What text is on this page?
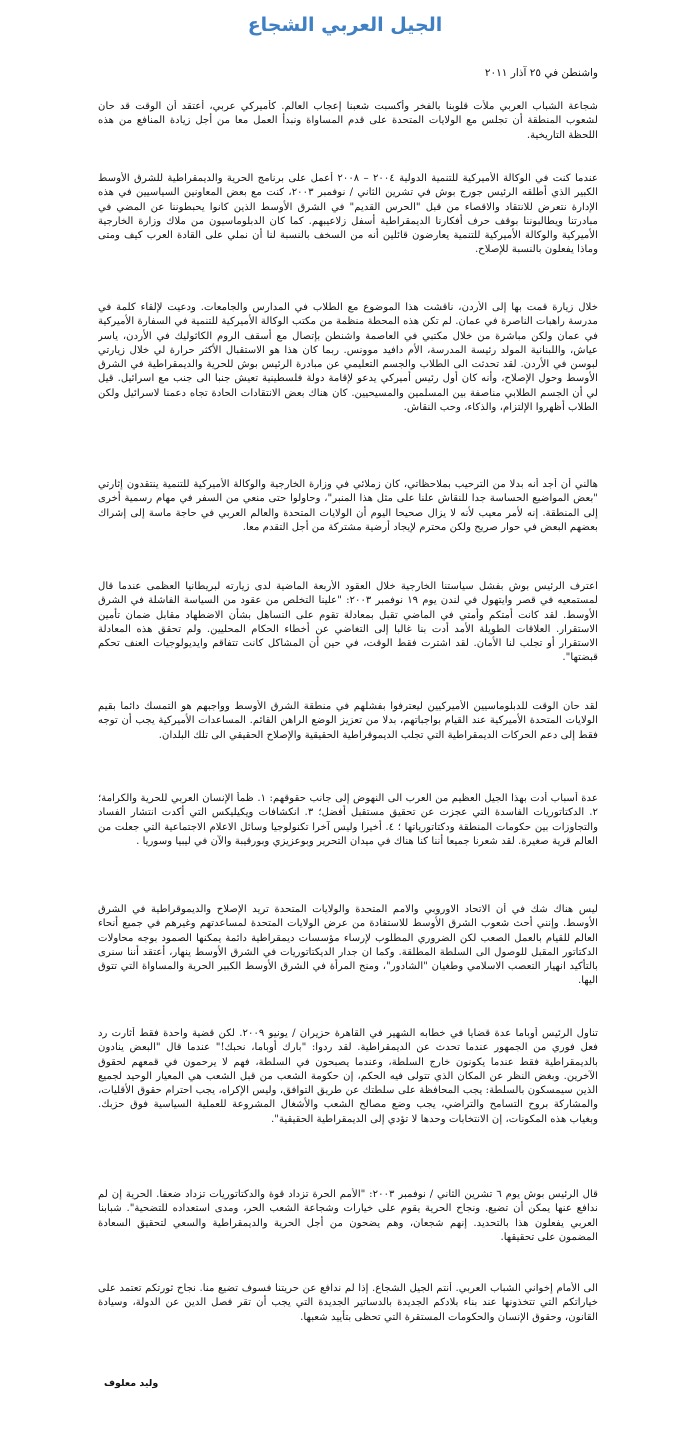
الجيل العربي الشجاع
واشنطن في ٢٥ آذار ٢٠١١

شجاعة الشباب العربي ملأت قلوبنا بالفخر وأكسبت شعبنا إعجاب العالم. كأميركي عربي، أعتقد أن الوقت قد حان لشعوب المنطقة أن تجلس مع الولايات المتحدة على قدم المساواة ونبدأ العمل معا من أجل زيادة المنافع من هذه اللحظة التاريخية.

عندما كنت في الوكالة الأميركية للتنمية الدولية ٢٠٠٤ – ٢٠٠٨ أعمل على برنامج الحرية والديمقراطية للشرق الأوسط الكبير الذي أطلقه الرئيس جورج بوش في تشرين الثاني / نوفمبر ٢٠٠٣، كنت مع بعض المعاونين السياسيين في هذه الإدارة نتعرض للانتقاد والاقصاء من قبل "الحرس القديم" في الشرق الأوسط الذين كانوا يحبطوننا عن المضي في مبادرتنا ويطالبوننا بوقف حرف أفكارنا الديمقراطية أسفل زلاعيبهم. كما كان الدبلوماسيون من ملاك وزارة الخارجية الأميركية والوكالة الأميركية للتنمية يعارضون قائلين أنه من السخف بالنسبة لنا أن نملي على القادة العرب كيف ومتى وماذا يفعلون بالنسبة للإصلاح.

خلال زيارة قمت بها إلى الأردن، ناقشت هذا الموضوع مع الطلاب في المدارس والجامعات. ودعيت لإلقاء كلمة في مدرسة راهبات الناصرة في عمان. لم تكن هذه المحطة منظمة من مكتب الوكالة الأميركية للتنمية في السفارة الأميركية في عمان ولكن مباشرة من خلال مكتبي في العاصمة واشنطن بإتصال مع أسقف الروم الكاثوليك في الأردن، ياسر عياش، واللبنانية المولد رئيسة المدرسة، الأم دافيد موونس. ربما كان هذا هو الاستقبال الأكثر حرارة لي خلال زيارتي لبوسن في الأردن. لقد تحدثت الى الطلاب والجسم التعليمي عن مبادرة الرئيس بوش للحرية والديمقراطية في الشرق الأوسط وحول الإصلاح، وأنه كان أول رئيس أميركي يدعو لإقامة دولة فلسطينية تعيش جنبا الى جنب مع اسرائيل. قيل لي أن الجسم الطلابي مناصفة بين المسلمين والمسيحيين. كان هناك بعض الانتقادات الحادة تجاه دعمنا لاسرائيل ولكن الطلاب أظهروا الإلتزام، والذكاء، وحب النقاش.

هالني أن أجد أنه بدلا من الترحيب بملاحظاتي، كان زملائي في وزارة الخارجية والوكالة الأميركية للتنمية ينتقدون إثارتي "بعض المواضيع الحساسة جدا للنقاش علنا على مثل هذا المنبر"، وحاولوا حتى منعي من السفر في مهام رسمية أخرى إلى المنطقة. إنه لأمر معيب لأنه لا يزال صحيحا اليوم أن الولايات المتحدة والعالم العربي في حاجة ماسة إلى إشراك بعضهم البعض في حوار صريح ولكن محترم لإيجاد أرضية مشتركة من أجل التقدم معا.

اعترف الرئيس بوش بفشل سياستنا الخارجية خلال العقود الأربعة الماضية لدى زيارته لبريطانيا العظمى عندما قال لمستمعيه في قصر وايتهول في لندن يوم ١٩ نوفمبر ٢٠٠٣: "علينا التخلص من عقود من السياسة الفاشلة في الشرق الأوسط. لقد كانت أمتكم وأمتي في الماضي تقبل بمعادلة تقوم على التساهل بشأن الاضطهاد مقابل ضمان تأمين الاستقرار. العلاقات الطويلة الأمد أدت بنا غالبا إلى التغاضي عن أخطاء الحكام المحليين. ولم تحقق هذه المعادلة الاستقرار أو تجلب لنا الأمان. لقد اشترت فقط الوقت، في حين أن المشاكل كانت تتفاقم وايديولوجيات العنف تحكم قبضتها".

لقد حان الوقت للدبلوماسيين الأميركيين ليعترفوا بفشلهم في منطقة الشرق الأوسط وواجبهم هو التمسك دائما بقيم الولايات المتحدة الأميركية عند القيام بواجباتهم، بدلا من تعزيز الوضع الراهن القائم. المساعدات الأميركية يجب أن توجه فقط إلى دعم الحركات الديمقراطية التي تجلب الديموقراطية الحقيقية والإصلاح الحقيقي الى تلك البلدان.

عدة أسباب أدت بهذا الجيل العظيم من العرب الى النهوض إلى جانب حقوقهم: ١. ظمأ الإنسان العربي للحرية والكرامة؛ ٢. الدكتاتوريات الفاسدة التي عجزت عن تحقيق مستقبل أفضل؛ ٣. انكشافات ويكيليكس التي أكدت انتشار الفساد والتجاوزات بين حكومات المنطقة ودكتاتورياتها ؛ ٤. أخيرا وليس آخرا تكنولوجيا وسائل الاعلام الاجتماعية التي جعلت من العالم قرية صغيرة. لقد شعرنا جميعا أننا كنا هناك في ميدان التحرير وبوعزيزي وبورقيبة والآن في ليبيا وسوريا .

ليس هناك شك في أن الاتحاد الاوروبي والامم المتحدة والولايات المتحدة تريد الإصلاح والديموقراطية في الشرق الأوسط. وإنني أحث شعوب الشرق الأوسط للاستفادة من عرض الولايات المتحدة لمساعدتهم وغيرهم في جميع أنحاء العالم للقيام بالعمل الصعب لكن الضروري المطلوب لإرساء مؤسسات ديمقراطية دائمة يمكنها الصمود بوجه محاولات الدكتاتور المقبل للوصول الى السلطة المطلقة. وكما ان جدار الديكتاتوريات في الشرق الأوسط ينهار، أعتقد أننا سنرى بالتأكيد انهيار التعصب الاسلامي وطغيان "الشادور"، ومنح المرأة في الشرق الأوسط الكبير الحرية والمساواة التي تتوق اليها.

تناول الرئيس أوباما عدة قضايا في خطابه الشهير في القاهرة حزيران / يونيو ٢٠٠٩. لكن قضية واحدة فقط أثارت رد فعل فوري من الجمهور عندما تحدث عن الديمقراطية. لقد ردوا: "بارك أوباما، نحبك!" عندما قال "البعض ينادون بالديمقراطية فقط عندما يكونون خارج السلطة، وعندما يصبحون في السلطة، فهم لا يرحمون في قمعهم لحقوق الآخرين. وبغض النظر عن المكان الذي تتولى فيه الحكم، إن حكومة الشعب من قبل الشعب هي المعيار الوحيد لجميع الذين سيمسكون بالسلطة: يجب المحافظة على سلطتك عن طريق التوافق، وليس الإكراه، يجب احترام حقوق الأقليات، والمشاركة بروح التسامح والتراضي، يجب وضع مصالح الشعب والأشغال المشروعة للعملية السياسية فوق حزبك. وبغياب هذه المكونات، إن الانتخابات وحدها لا تؤدي إلى الديمقراطية الحقيقية".

قال الرئيس بوش يوم ٦ تشرين الثاني / نوفمبر ٢٠٠٣: "الأمم الحرة تزداد قوة والدكتاتوريات تزداد ضعفا. الحرية إن لم ندافع عنها يمكن أن تضيع. ونجاح الحرية يقوم على خيارات وشجاعة الشعب الحر، ومدى استعداده للتضحية". شبابنا العربي يفعلون هذا بالتحديد. إنهم شجعان، وهم يضحون من أجل الحرية والديمقراطية والسعي لتحقيق السعادة المضمون على تحقيقها.

الى الأمام إخواني الشباب العربي. أنتم الجيل الشجاع. إذا لم ندافع عن حريتنا فسوف تضيع منا. نجاح ثورتكم تعتمد على خياراتكم التي تتخذونها عند بناء بلادكم الجديدة بالدساتير الجديدة التي يجب أن تقر فصل الدين عن الدولة، وسيادة القانون، وحقوق الإنسان والحكومات المستقرة التي تحظى بتأييد شعبها.

وليد معلوف
